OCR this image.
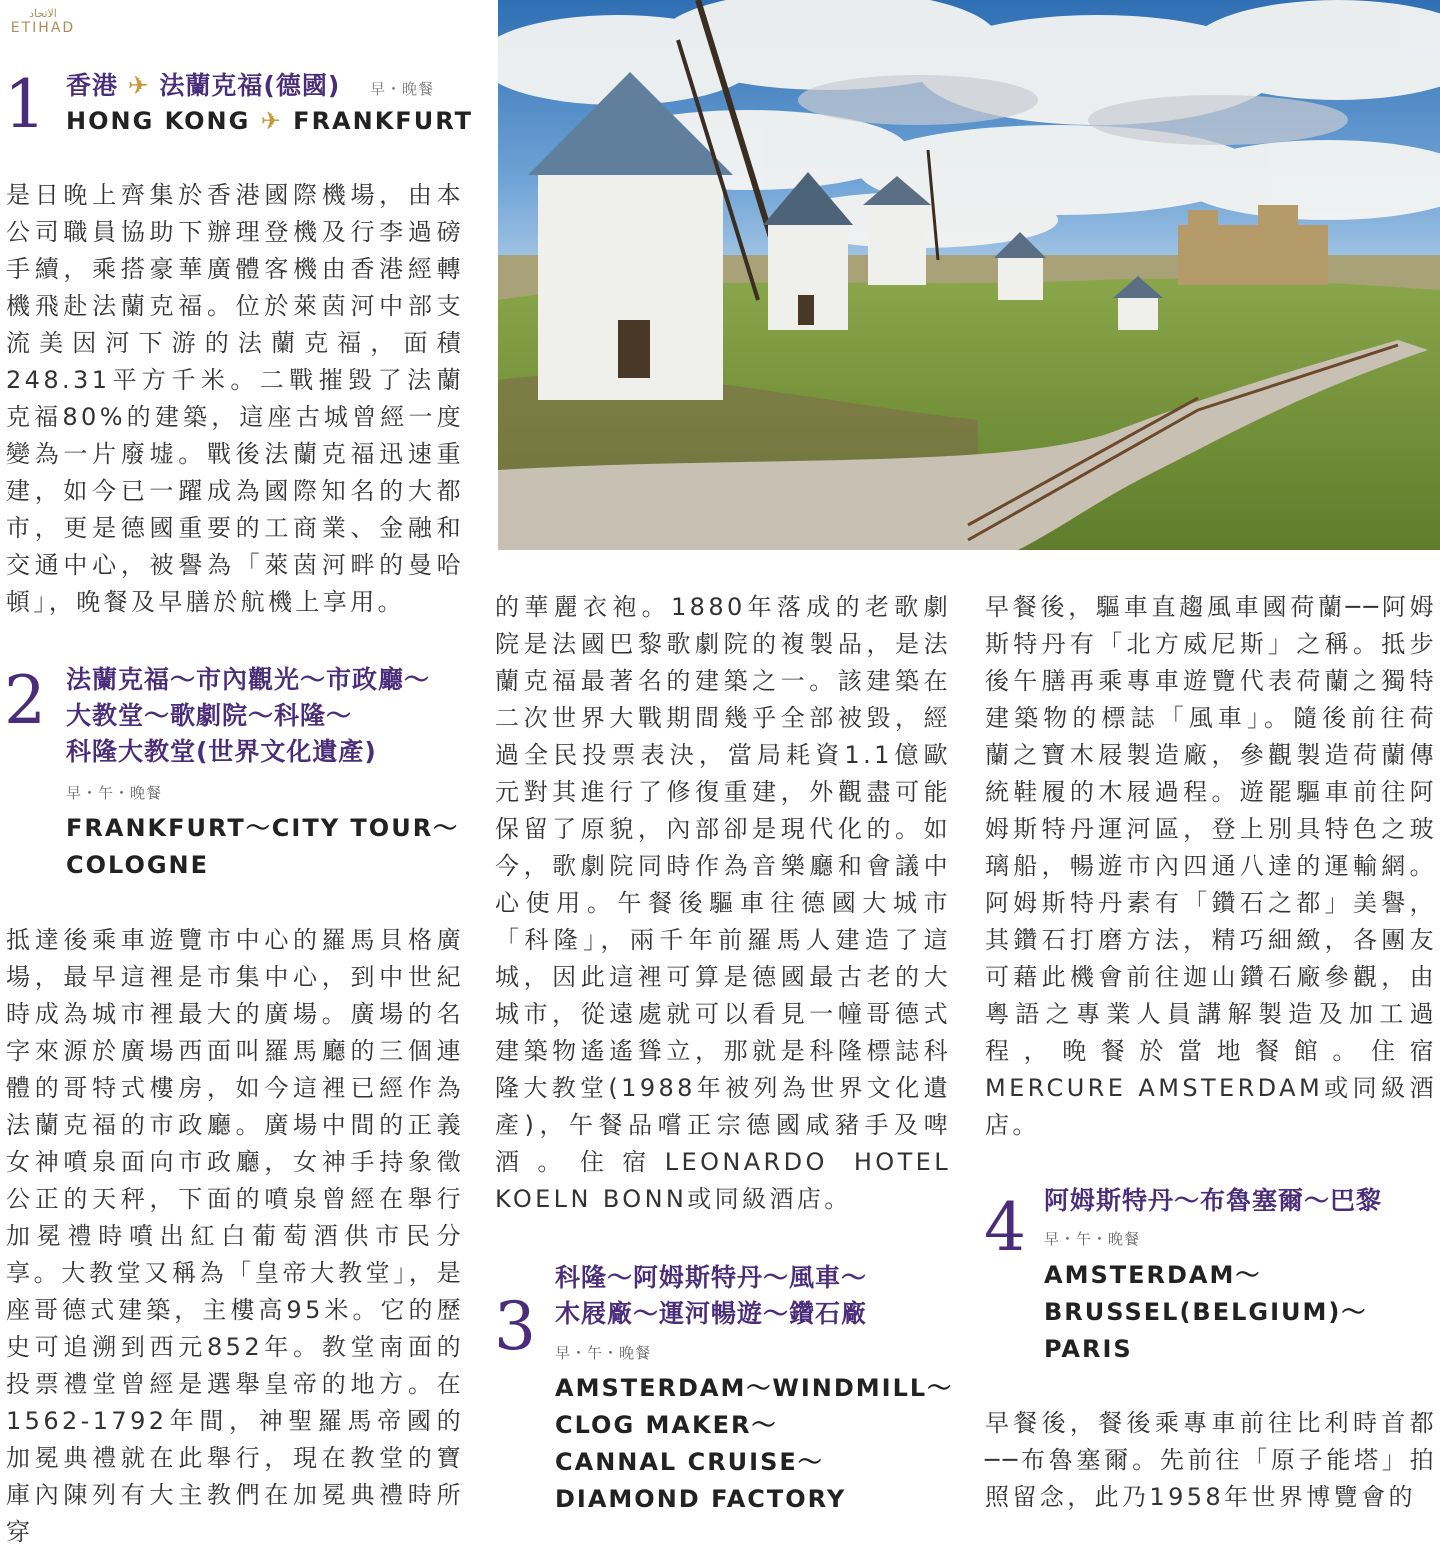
ﺍﻻﺗﺤﺎﺩ
ETIHAD
1 香港 ✈ 法蘭克福(德國) 早・晚餐
HONG KONG ✈ FRANKFURT
是日晚上齊集於香港國際機場，由本公司職員協助下辦理登機及行李過磅手續，乘搭豪華廣體客機由香港經轉機飛赴法蘭克福。位於萊茵河中部支流美因河下游的法蘭克福，面積248.31平方千米。二戰摧毀了法蘭克福80%的建築，這座古城曾經一度變為一片廢墟。戰後法蘭克福迅速重建，如今已一躍成為國際知名的大都市，更是德國重要的工商業、金融和交通中心，被譽為「萊茵河畔的曼哈頓」，晚餐及早膳於航機上享用。
2 法蘭克福～市內觀光～市政廳～
大教堂～歌劇院～科隆～
科隆大教堂(世界文化遺產)
早・午・晚餐
FRANKFURT～CITY TOUR～
COLOGNE
抵達後乘車遊覽市中心的羅馬貝格廣場，最早這裡是市集中心，到中世紀時成為城市裡最大的廣場。廣場的名字來源於廣場西面叫羅馬廳的三個連體的哥特式樓房，如今這裡已經作為法蘭克福的市政廳。廣場中間的正義女神噴泉面向市政廳，女神手持象徵公正的天秤，下面的噴泉曾經在舉行加冕禮時噴出紅白葡萄酒供市民分享。大教堂又稱為「皇帝大教堂」，是座哥德式建築，主樓高95米。它的歷史可追溯到西元852年。教堂南面的投票禮堂曾經是選舉皇帝的地方。在1562-1792年間，神聖羅馬帝國的加冕典禮就在此舉行，現在教堂的寶庫內陳列有大主教們在加冕典禮時所穿
的華麗衣袍。1880年落成的老歌劇院是法國巴黎歌劇院的複製品，是法蘭克福最著名的建築之一。該建築在二次世界大戰期間幾乎全部被毀，經過全民投票表決，當局耗資1.1億歐元對其進行了修復重建，外觀盡可能保留了原貌，內部卻是現代化的。如今，歌劇院同時作為音樂廳和會議中心使用。午餐後驅車往德國大城市「科隆」，兩千年前羅馬人建造了這城，因此這裡可算是德國最古老的大城市，從遠處就可以看見一幢哥德式建築物遙遙聳立，那就是科隆標誌科隆大教堂(1988年被列為世界文化遺產)，午餐品嚐正宗德國咸豬手及啤酒。住宿LEONARDO HOTEL KOELN BONN或同級酒店。
3
科隆～阿姆斯特丹～風車～
木屐廠～運河暢遊～鑽石廠
早・午・晚餐
AMSTERDAM～WINDMILL～
CLOG MAKER～
CANNAL CRUISE～
DIAMOND FACTORY
早餐後，驅車直趨風車國荷蘭──阿姆斯特丹有「北方威尼斯」之稱。抵步後午膳再乘專車遊覽代表荷蘭之獨特建築物的標誌「風車」。隨後前往荷蘭之寶木屐製造廠，參觀製造荷蘭傳統鞋履的木屐過程。遊罷驅車前往阿姆斯特丹運河區，登上別具特色之玻璃船，暢遊市內四通八達的運輸網。阿姆斯特丹素有「鑽石之都」美譽，其鑽石打磨方法，精巧細緻，各團友可藉此機會前往迦山鑽石廠參觀，由粵語之專業人員講解製造及加工過程，晚餐於當地餐館。住宿MERCURE AMSTERDAM或同級酒店。
4 阿姆斯特丹～布魯塞爾～巴黎
早・午・晚餐
AMSTERDAM～
BRUSSEL(BELGIUM)～
PARIS
早餐後，餐後乘專車前往比利時首都──布魯塞爾。先前往「原子能塔」拍照留念，此乃1958年世界博覽會的
